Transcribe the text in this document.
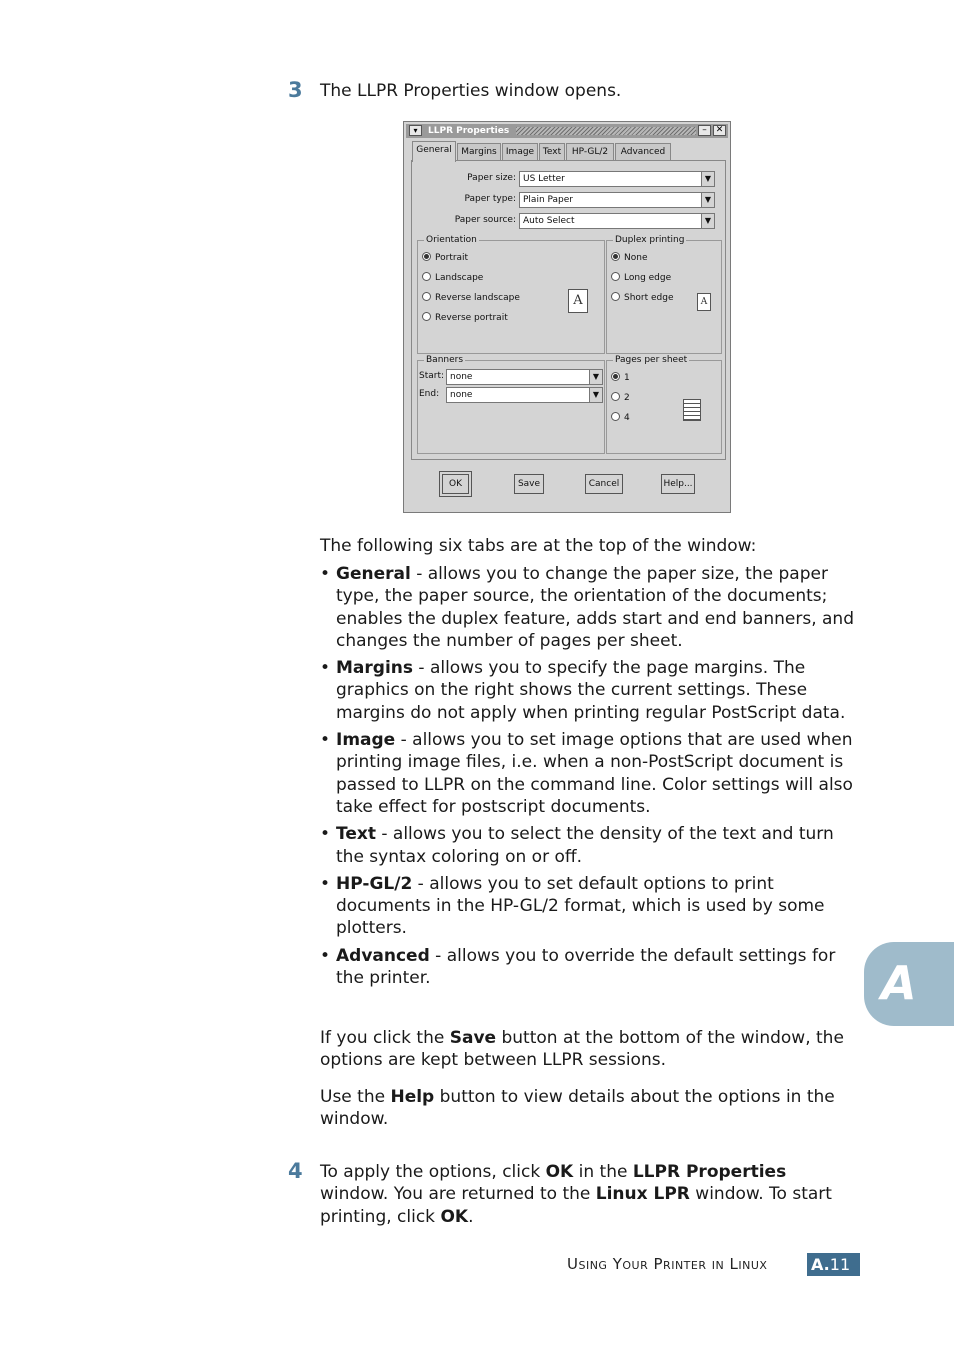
3 The LLPR Properties window opens.
▾	LLPR Properties	– ✕
General	Margins	Image Text	HP-GL/2	Advanced
Paper size: US Letter	▼
Paper type: Plain Paper	▼
Paper source: Auto Select	▼
Orientation
Portrait
Landscape
Reverse landscape
Reverse portrait
A
Duplex printing
None
Long edge
Short edge	A
Banners
Start: none	▼
End:	none	▼
Pages per sheet
1
2
4
OK	Save	Cancel	Help...
The following six tabs are at the top of the window:
• General - allows you to change the paper size, the paper type, the paper source, the orientation of the documents; enables the duplex feature, adds start and end banners, and changes the number of pages per sheet.
• Margins - allows you to specify the page margins. The graphics on the right shows the current settings. These margins do not apply when printing regular PostScript data.
• Image - allows you to set image options that are used when printing image files, i.e. when a non-PostScript document is passed to LLPR on the command line. Color settings will also take effect for postscript documents.
• Text - allows you to select the density of the text and turn the syntax coloring on or off.
• HP-GL/2 - allows you to set default options to print documents in the HP-GL/2 format, which is used by some plotters.
• Advanced - allows you to override the default settings for the printer.
If you click the Save button at the bottom of the window, the options are kept between LLPR sessions.
Use the Help button to view details about the options in the window.
4 To apply the options, click OK in the LLPR Properties window. You are returned to the Linux LPR window. To start printing, click OK.
A
Using Your Printer in Linux	A.11
